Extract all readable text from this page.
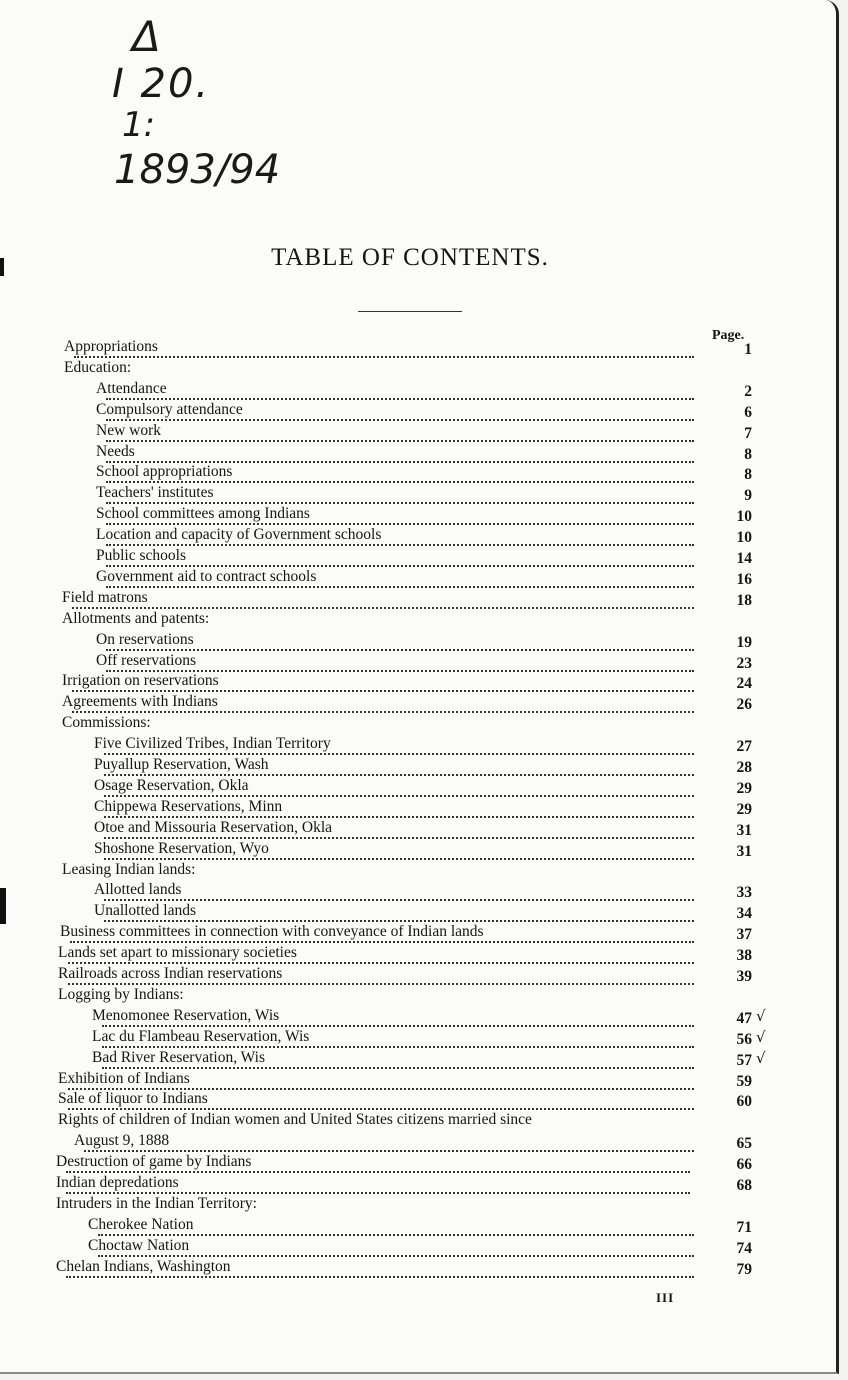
Δ
I 20.
1:
1893/94
TABLE OF CONTENTS.
Page.
Appropriations	1
Education:
Attendance	2
Compulsory attendance	6
New work	7
Needs	8
School appropriations	8
Teachers' institutes	9
School committees among Indians	10
Location and capacity of Government schools	10
Public schools	14
Government aid to contract schools	16
Field matrons	18
Allotments and patents:
On reservations	19
Off reservations	23
Irrigation on reservations	24
Agreements with Indians	26
Commissions:
Five Civilized Tribes, Indian Territory	27
Puyallup Reservation, Wash	28
Osage Reservation, Okla	29
Chippewa Reservations, Minn	29
Otoe and Missouria Reservation, Okla	31
Shoshone Reservation, Wyo	31
Leasing Indian lands:
Allotted lands	33
Unallotted lands	34
Business committees in connection with conveyance of Indian lands	37
Lands set apart to missionary societies	38
Railroads across Indian reservations	39
Logging by Indians:
Menomonee Reservation, Wis	47 √
Lac du Flambeau Reservation, Wis	56 √
Bad River Reservation, Wis	57 √
Exhibition of Indians	59
Sale of liquor to Indians	60
Rights of children of Indian women and United States citizens married since
August 9, 1888	65
Destruction of game by Indians	66
Indian depredations	68
Intruders in the Indian Territory:
Cherokee Nation	71
Choctaw Nation	74
Chelan Indians, Washington	79
III
